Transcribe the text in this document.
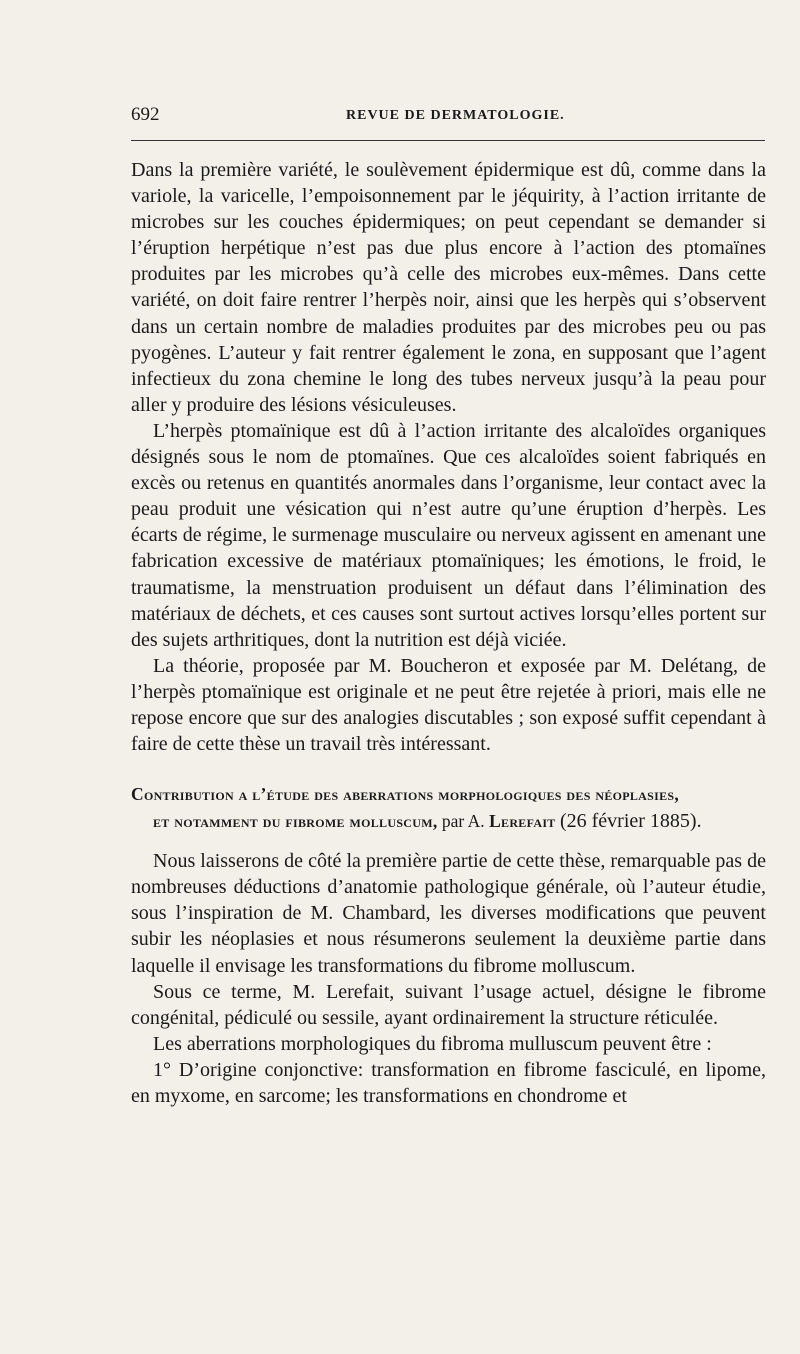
692	REVUE DE DERMATOLOGIE.

Dans la première variété, le soulèvement épidermique est dû, comme dans la variole, la varicelle, l’empoisonnement par le jéquirity, à l’action irritante de microbes sur les couches épidermiques; on peut cependant se demander si l’éruption herpétique n’est pas due plus encore à l’action des ptomaïnes produites par les microbes qu’à celle des microbes eux-mêmes. Dans cette variété, on doit faire rentrer l’herpès noir, ainsi que les herpès qui s’observent dans un certain nombre de maladies produites par des microbes peu ou pas pyogènes. L’auteur y fait rentrer également le zona, en supposant que l’agent infectieux du zona chemine le long des tubes nerveux jusqu’à la peau pour aller y produire des lésions vésiculeuses.

L’herpès ptomaïnique est dû à l’action irritante des alcaloïdes organiques désignés sous le nom de ptomaïnes. Que ces alcaloïdes soient fabriqués en excès ou retenus en quantités anormales dans l’organisme, leur contact avec la peau produit une vésication qui n’est autre qu’une éruption d’herpès. Les écarts de régime, le surmenage musculaire ou nerveux agissent en amenant une fabrication excessive de matériaux ptomaïniques; les émotions, le froid, le traumatisme, la menstruation produisent un défaut dans l’élimination des matériaux de déchets, et ces causes sont surtout actives lorsqu’elles portent sur des sujets arthritiques, dont la nutrition est déjà viciée.

La théorie, proposée par M. Boucheron et exposée par M. Delétang, de l’herpès ptomaïnique est originale et ne peut être rejetée à priori, mais elle ne repose encore que sur des analogies discutables ; son exposé suffit cependant à faire de cette thèse un travail très intéressant.

Contribution a l’étude des aberrations morphologiques des néoplasies,
et notamment du fibrome molluscum, par A. Lerefait (26 février 1885).

Nous laisserons de côté la première partie de cette thèse, remarquable pas de nombreuses déductions d’anatomie pathologique générale, où l’auteur étudie, sous l’inspiration de M. Chambard, les diverses modifications que peuvent subir les néoplasies et nous résumerons seulement la deuxième partie dans laquelle il envisage les transformations du fibrome molluscum.

Sous ce terme, M. Lerefait, suivant l’usage actuel, désigne le fibrome congénital, pédiculé ou sessile, ayant ordinairement la structure réticulée.

Les aberrations morphologiques du fibroma mulluscum peuvent être :

1° D’origine conjonctive: transformation en fibrome fasciculé, en lipome, en myxome, en sarcome; les transformations en chondrome et
